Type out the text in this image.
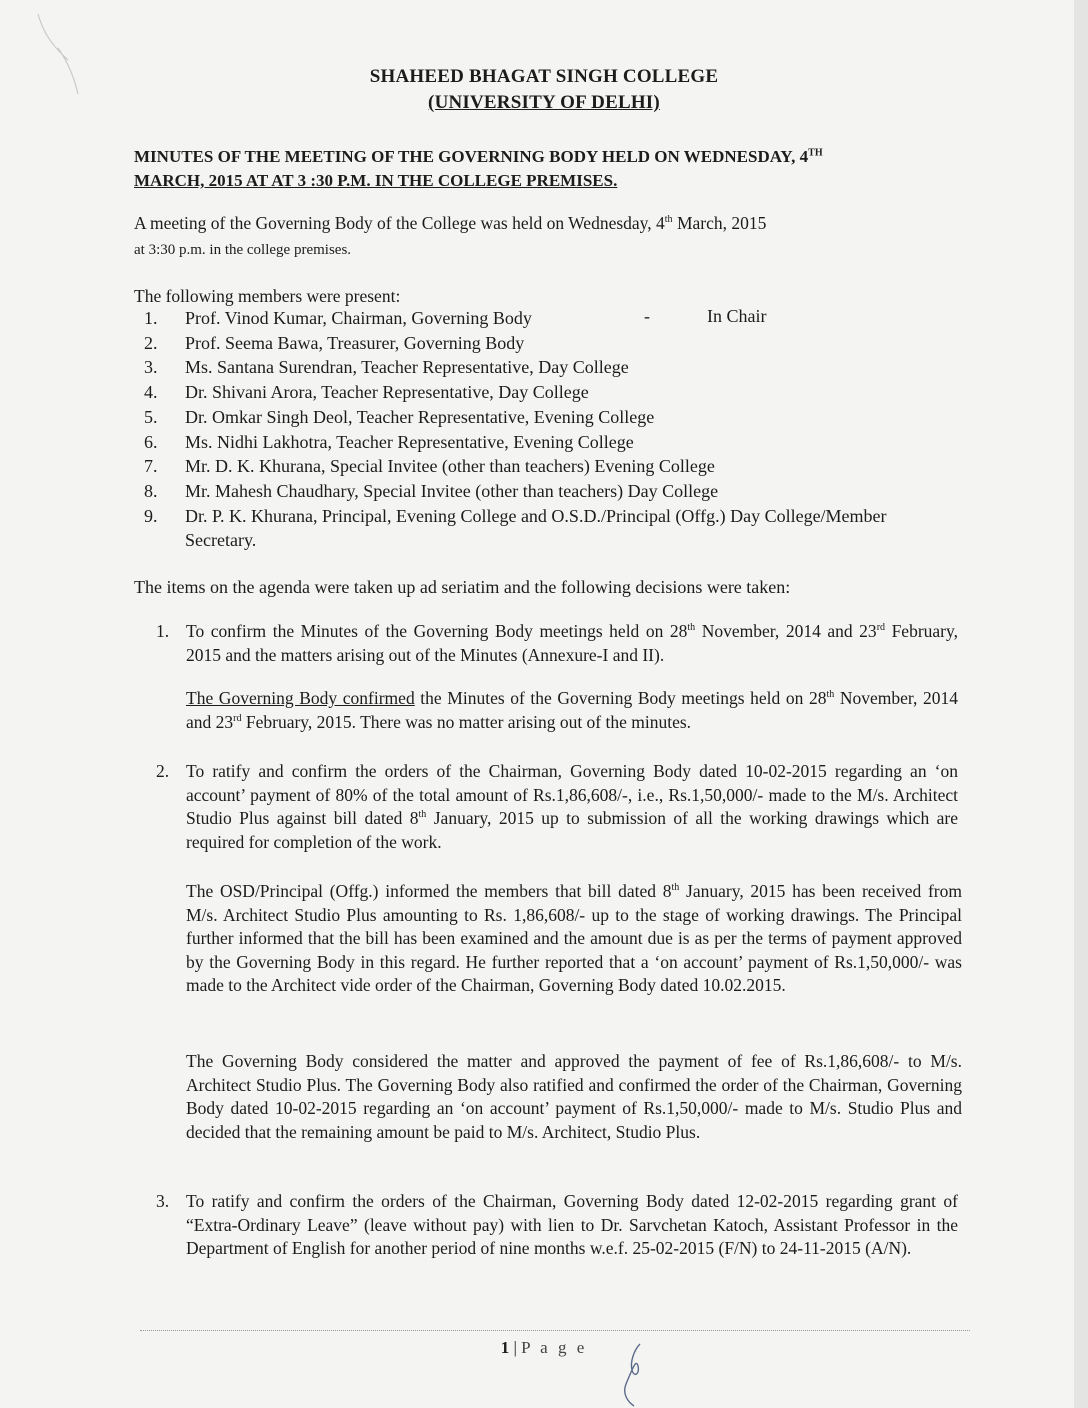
SHAHEED BHAGAT SINGH COLLEGE
(UNIVERSITY OF DELHI)
MINUTES OF THE MEETING OF THE GOVERNING BODY HELD ON WEDNESDAY, 4TH
MARCH, 2015 AT AT 3 :30 P.M. IN THE COLLEGE PREMISES.
A meeting of the Governing Body of the College was held on Wednesday, 4th March, 2015
at 3:30 p.m. in the college premises.
The following members were present:
1. Prof. Vinod Kumar, Chairman, Governing Body
2. Prof. Seema Bawa, Treasurer, Governing Body
3. Ms. Santana Surendran, Teacher Representative, Day College
4. Dr. Shivani Arora, Teacher Representative, Day College
5. Dr. Omkar Singh Deol, Teacher Representative, Evening College
6. Ms. Nidhi Lakhotra, Teacher Representative, Evening College
7. Mr. D. K. Khurana, Special Invitee (other than teachers) Evening College
8. Mr. Mahesh Chaudhary, Special Invitee (other than teachers) Day College
9. Dr. P. K. Khurana, Principal, Evening College and O.S.D./Principal (Offg.) Day College/Member Secretary.
-	In Chair
The items on the agenda were taken up ad seriatim and the following decisions were taken:
1. To confirm the Minutes of the Governing Body meetings held on 28th November, 2014 and 23rd February, 2015 and the matters arising out of the Minutes (Annexure-I and II).
The Governing Body confirmed the Minutes of the Governing Body meetings held on 28th November, 2014 and 23rd February, 2015. There was no matter arising out of the minutes.
2. To ratify and confirm the orders of the Chairman, Governing Body dated 10-02-2015 regarding an ‘on account’ payment of 80% of the total amount of Rs.1,86,608/-, i.e., Rs.1,50,000/- made to the M/s. Architect Studio Plus against bill dated 8th January, 2015 up to submission of all the working drawings which are required for completion of the work.
The OSD/Principal (Offg.) informed the members that bill dated 8th January, 2015 has been received from M/s. Architect Studio Plus amounting to Rs. 1,86,608/- up to the stage of working drawings. The Principal further informed that the bill has been examined and the amount due is as per the terms of payment approved by the Governing Body in this regard. He further reported that a ‘on account’ payment of Rs.1,50,000/- was made to the Architect vide order of the Chairman, Governing Body dated 10.02.2015.
The Governing Body considered the matter and approved the payment of fee of Rs.1,86,608/- to M/s. Architect Studio Plus. The Governing Body also ratified and confirmed the order of the Chairman, Governing Body dated 10-02-2015 regarding an ‘on account’ payment of Rs.1,50,000/- made to M/s. Studio Plus and decided that the remaining amount be paid to M/s. Architect, Studio Plus.
3. To ratify and confirm the orders of the Chairman, Governing Body dated 12-02-2015 regarding grant of “Extra-Ordinary Leave” (leave without pay) with lien to Dr. Sarvchetan Katoch, Assistant Professor in the Department of English for another period of nine months w.e.f. 25-02-2015 (F/N) to 24-11-2015 (A/N).
1 | P a g e
